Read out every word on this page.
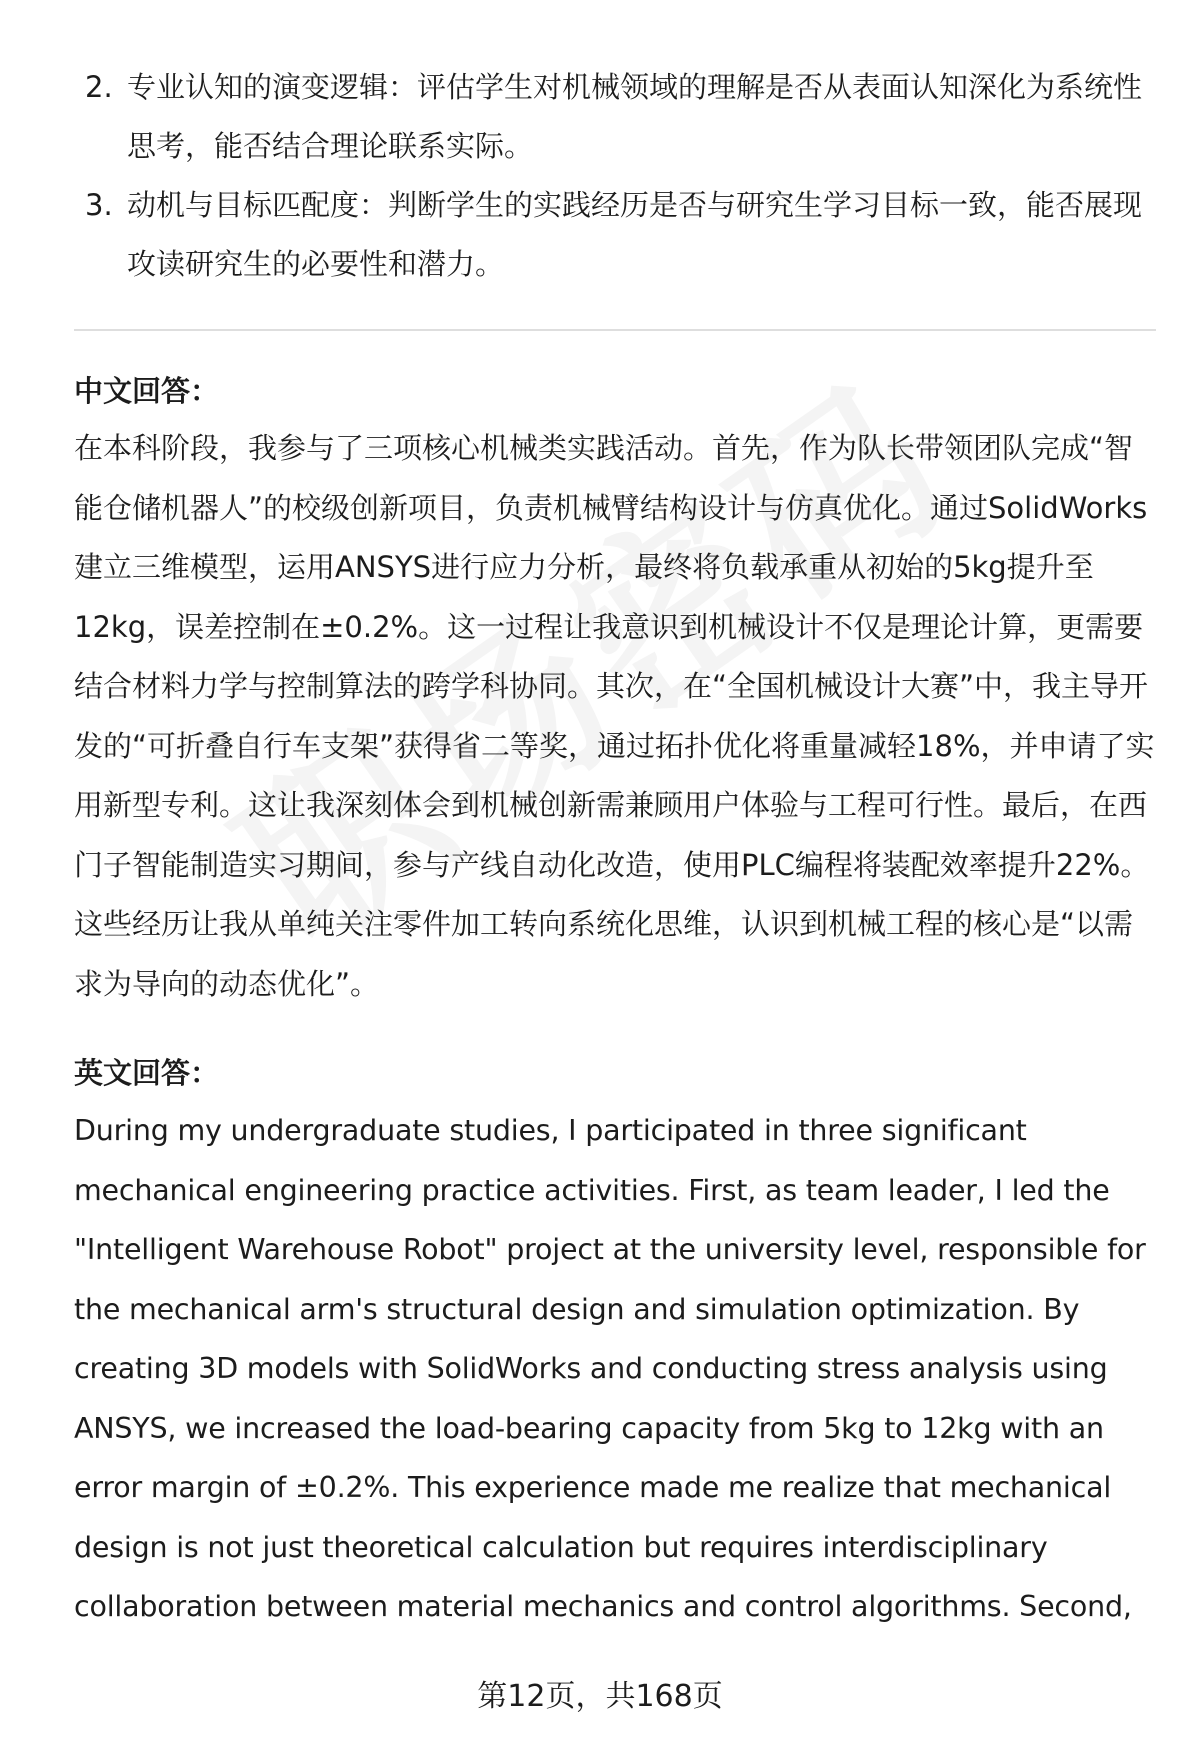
2. 专业认知的演变逻辑：评估学生对机械领域的理解是否从表面认知深化为系统性思考，能否结合理论联系实际。
3. 动机与目标匹配度：判断学生的实践经历是否与研究生学习目标一致，能否展现攻读研究生的必要性和潜力。
中文回答：

在本科阶段，我参与了三项核心机械类实践活动。首先，作为队长带领团队完成“智能仓储机器人”的校级创新项目，负责机械臂结构设计与仿真优化。通过SolidWorks建立三维模型，运用ANSYS进行应力分析，最终将负载承重从初始的5kg提升至12kg，误差控制在±0.2%。这一过程让我意识到机械设计不仅是理论计算，更需要结合材料力学与控制算法的跨学科协同。其次，在“全国机械设计大赛”中，我主导开发的“可折叠自行车支架”获得省二等奖，通过拓扑优化将重量减轻18%，并申请了实用新型专利。这让我深刻体会到机械创新需兼顾用户体验与工程可行性。最后，在西门子智能制造实习期间，参与产线自动化改造，使用PLC编程将装配效率提升22%。这些经历让我从单纯关注零件加工转向系统化思维，认识到机械工程的核心是“以需求为导向的动态优化”。

英文回答：

During my undergraduate studies, I participated in three significant mechanical engineering practice activities. First, as team leader, I led the "Intelligent Warehouse Robot" project at the university level, responsible for the mechanical arm's structural design and simulation optimization. By creating 3D models with SolidWorks and conducting stress analysis using ANSYS, we increased the load-bearing capacity from 5kg to 12kg with an error margin of ±0.2%. This experience made me realize that mechanical design is not just theoretical calculation but requires interdisciplinary collaboration between material mechanics and control algorithms. Second,

第12页，共168页
